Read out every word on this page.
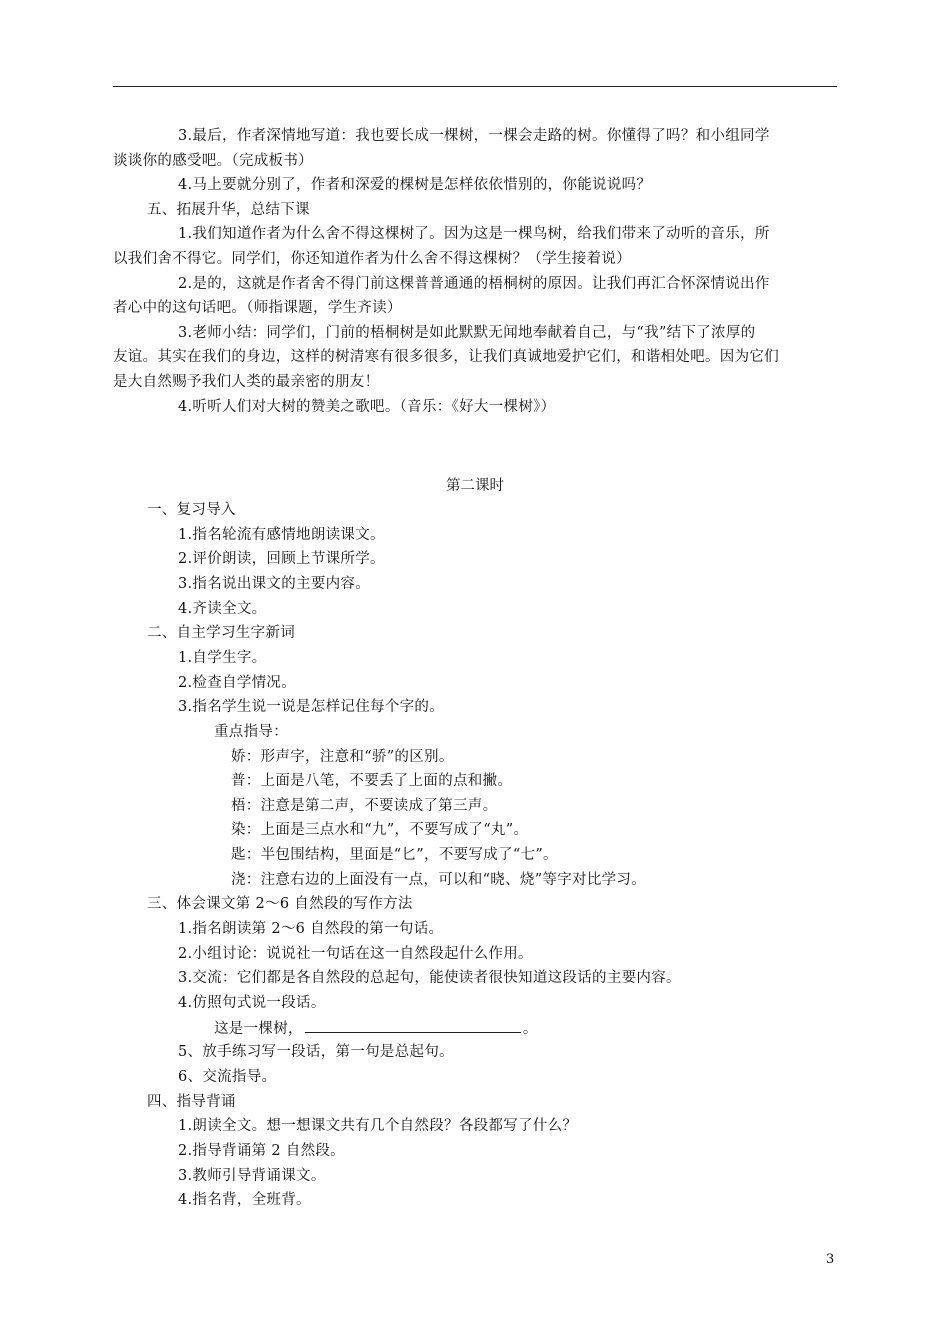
3.最后，作者深情地写道：我也要长成一棵树，一棵会走路的树。你懂得了吗？和小组同学
谈谈你的感受吧。（完成板书）
4.马上要就分别了，作者和深爱的棵树是怎样依依惜别的，你能说说吗？
五、拓展升华，总结下课
1.我们知道作者为什么舍不得这棵树了。因为这是一棵鸟树，给我们带来了动听的音乐，所
以我们舍不得它。同学们，你还知道作者为什么舍不得这棵树？（学生接着说）
2.是的，这就是作者舍不得门前这棵普普通通的梧桐树的原因。让我们再汇合怀深情说出作
者心中的这句话吧。（师指课题，学生齐读）
3.老师小结：同学们，门前的梧桐树是如此默默无闻地奉献着自己，与“我”结下了浓厚的
友谊。其实在我们的身边，这样的树清寒有很多很多，让我们真诚地爱护它们，和谐相处吧。因为它们
是大自然赐予我们人类的最亲密的朋友！
4.听听人们对大树的赞美之歌吧。（音乐：《好大一棵树》）
第二课时
一、复习导入
1.指名轮流有感情地朗读课文。
2.评价朗读，回顾上节课所学。
3.指名说出课文的主要内容。
4.齐读全文。
二、自主学习生字新词
1.自学生字。
2.检查自学情况。
3.指名学生说一说是怎样记住每个字的。
重点指导：
娇：形声字，注意和“骄”的区别。
普：上面是八笔，不要丢了上面的点和撇。
梧：注意是第二声，不要读成了第三声。
染：上面是三点水和“九”，不要写成了“丸”。
匙：半包围结构，里面是“匕”，不要写成了“七”。
浇：注意右边的上面没有一点，可以和“晓、烧”等字对比学习。
三、体会课文第 2～6 自然段的写作方法
1.指名朗读第 2～6 自然段的第一句话。
2.小组讨论：说说社一句话在这一自然段起什么作用。
3.交流：它们都是各自然段的总起句，能使读者很快知道这段话的主要内容。
4.仿照句式说一段话。
这是一棵树，	。
5、放手练习写一段话，第一句是总起句。
6、交流指导。
四、指导背诵
1.朗读全文。想一想课文共有几个自然段？各段都写了什么？
2.指导背诵第 2 自然段。
3.教师引导背诵课文。
4.指名背，全班背。
3
